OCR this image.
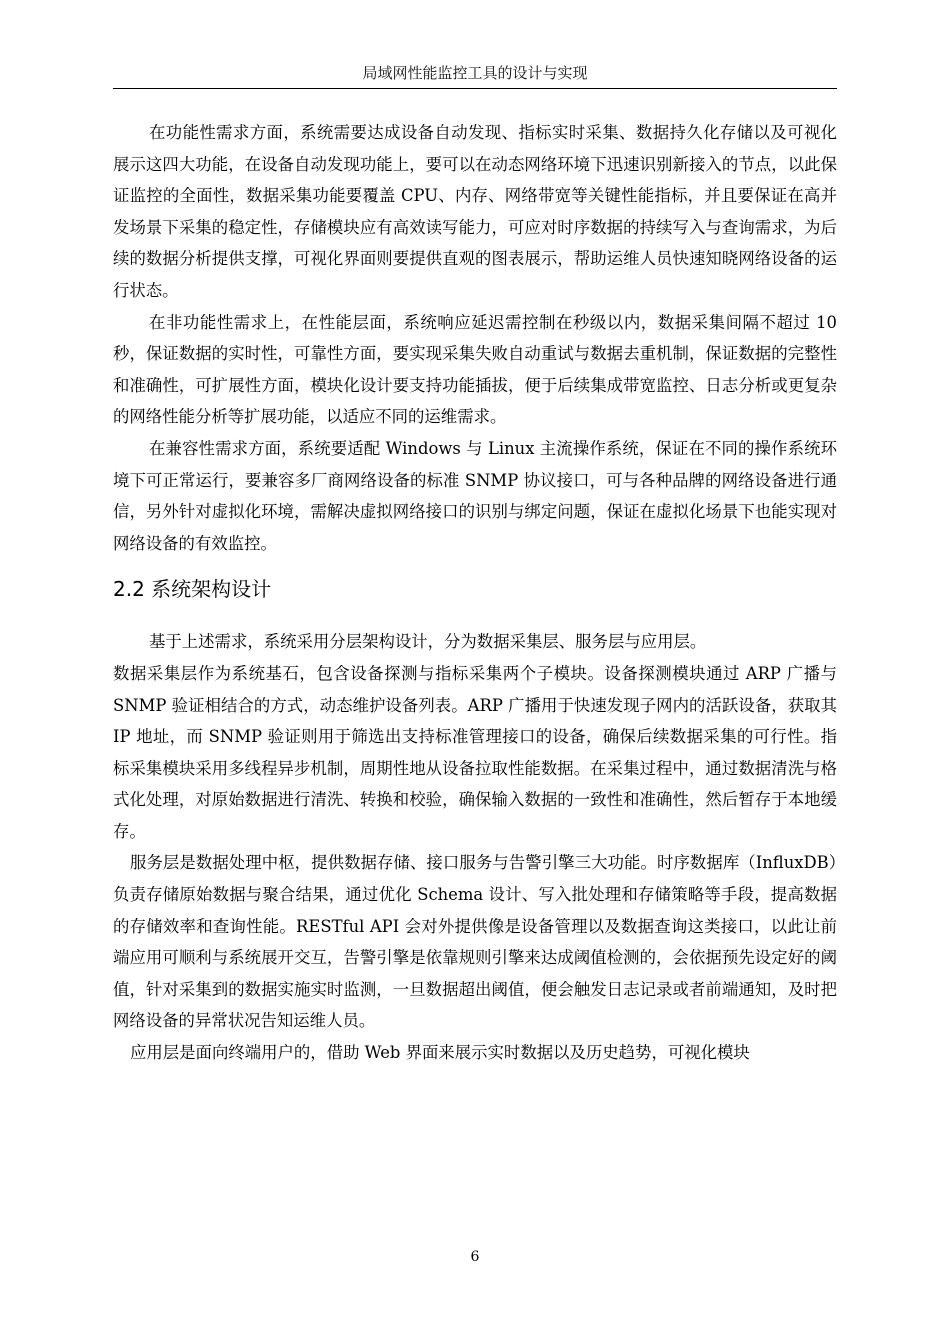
局域网性能监控工具的设计与实现

在功能性需求方面，系统需要达成设备自动发现、指标实时采集、数据持久化存储以及可视化展示这四大功能，在设备自动发现功能上，要可以在动态网络环境下迅速识别新接入的节点，以此保证监控的全面性，数据采集功能要覆盖 CPU、内存、网络带宽等关键性能指标，并且要保证在高并发场景下采集的稳定性，存储模块应有高效读写能力，可应对时序数据的持续写入与查询需求，为后续的数据分析提供支撑，可视化界面则要提供直观的图表展示，帮助运维人员快速知晓网络设备的运行状态。

在非功能性需求上，在性能层面，系统响应延迟需控制在秒级以内，数据采集间隔不超过 10 秒，保证数据的实时性，可靠性方面，要实现采集失败自动重试与数据去重机制，保证数据的完整性和准确性，可扩展性方面，模块化设计要支持功能插拔，便于后续集成带宽监控、日志分析或更复杂的网络性能分析等扩展功能，以适应不同的运维需求。

在兼容性需求方面，系统要适配 Windows 与 Linux 主流操作系统，保证在不同的操作系统环境下可正常运行，要兼容多厂商网络设备的标准 SNMP 协议接口，可与各种品牌的网络设备进行通信，另外针对虚拟化环境，需解决虚拟网络接口的识别与绑定问题，保证在虚拟化场景下也能实现对网络设备的有效监控。

2.2 系统架构设计

基于上述需求，系统采用分层架构设计，分为数据采集层、服务层与应用层。

数据采集层作为系统基石，包含设备探测与指标采集两个子模块。设备探测模块通过 ARP 广播与 SNMP 验证相结合的方式，动态维护设备列表。ARP 广播用于快速发现子网内的活跃设备，获取其 IP 地址，而 SNMP 验证则用于筛选出支持标准管理接口的设备，确保后续数据采集的可行性。指标采集模块采用多线程异步机制，周期性地从设备拉取性能数据。在采集过程中，通过数据清洗与格式化处理，对原始数据进行清洗、转换和校验，确保输入数据的一致性和准确性，然后暂存于本地缓存。

服务层是数据处理中枢，提供数据存储、接口服务与告警引擎三大功能。时序数据库（InfluxDB）负责存储原始数据与聚合结果，通过优化 Schema 设计、写入批处理和存储策略等手段，提高数据的存储效率和查询性能。RESTful API 会对外提供像是设备管理以及数据查询这类接口，以此让前端应用可顺利与系统展开交互，告警引擎是依靠规则引擎来达成阈值检测的，会依据预先设定好的阈值，针对采集到的数据实施实时监测，一旦数据超出阈值，便会触发日志记录或者前端通知，及时把网络设备的异常状况告知运维人员。

应用层是面向终端用户的，借助 Web 界面来展示实时数据以及历史趋势，可视化模块

6
